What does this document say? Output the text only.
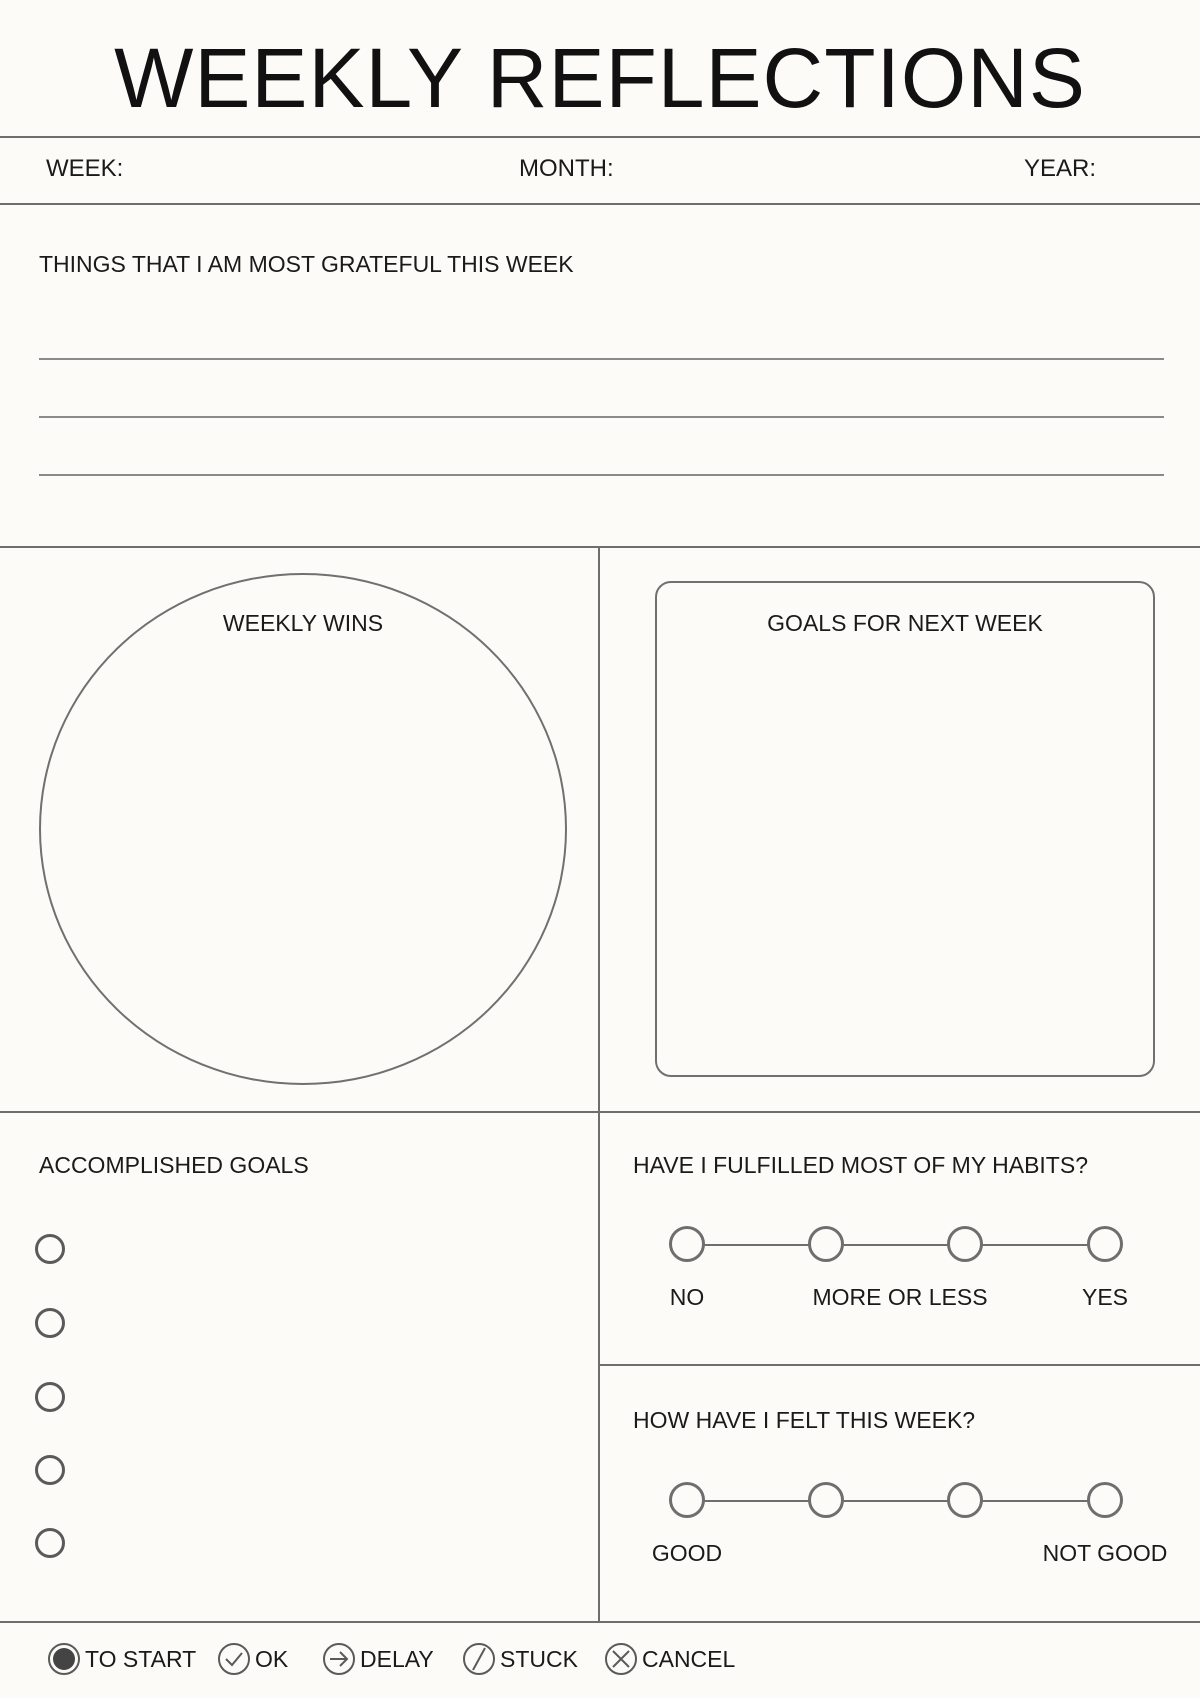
WEEKLY REFLECTIONS
WEEK:	MONTH:	YEAR:
THINGS THAT I AM MOST GRATEFUL THIS WEEK
WEEKLY WINS	GOALS FOR NEXT WEEK
ACCOMPLISHED GOALS	HAVE I FULFILLED MOST OF MY HABITS?
NO	MORE OR LESS	YES
HOW HAVE I FELT THIS WEEK?
GOOD	NOT GOOD
TO START	OK	DELAY	STUCK	CANCEL
